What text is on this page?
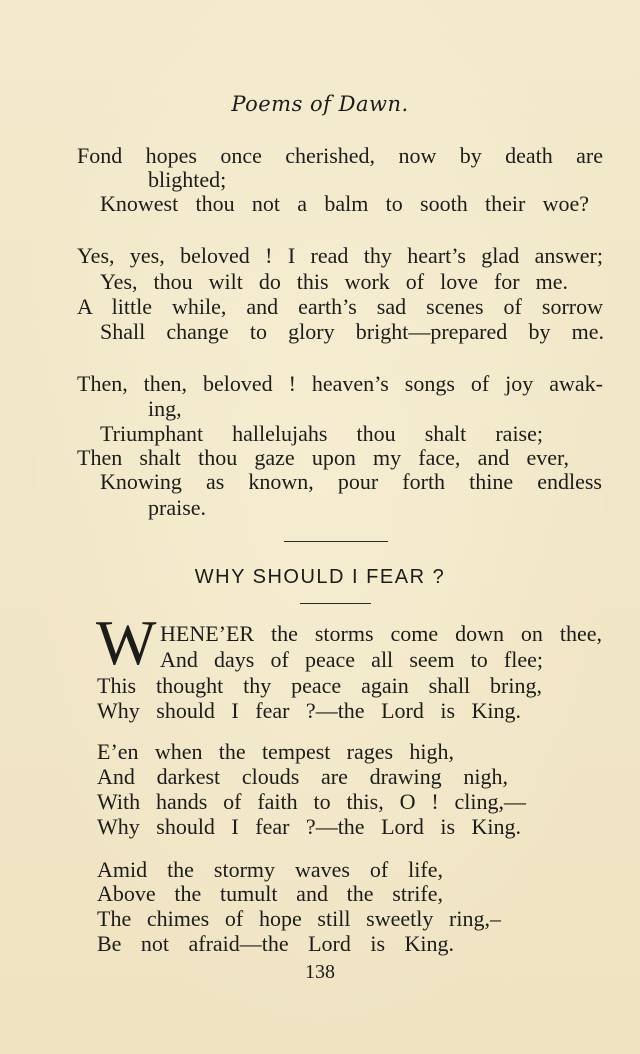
Poems of Dawn.
Fond hopes once cherished, now by death are
blighted;
Knowest thou not a balm to sooth their woe?
Yes, yes, beloved ! I read thy heart’s glad answer;
Yes, thou wilt do this work of love for me.
A little while, and earth’s sad scenes of sorrow
Shall change to glory bright—prepared by me.
Then, then, beloved ! heaven’s songs of joy awak-
ing,
Triumphant hallelujahs thou shalt raise;
Then shalt thou gaze upon my face, and ever,
Knowing as known, pour forth thine endless
praise.
WHY SHOULD I FEAR ?
W HENE’ER the storms come down on thee,
And days of peace all seem to flee;
This thought thy peace again shall bring,
Why should I fear ?—the Lord is King.
E’en when the tempest rages high,
And darkest clouds are drawing nigh,
With hands of faith to this, O ! cling,—
Why should I fear ?—the Lord is King.
Amid the stormy waves of life,
Above the tumult and the strife,
The chimes of hope still sweetly ring,–
Be not afraid—the Lord is King.
138
